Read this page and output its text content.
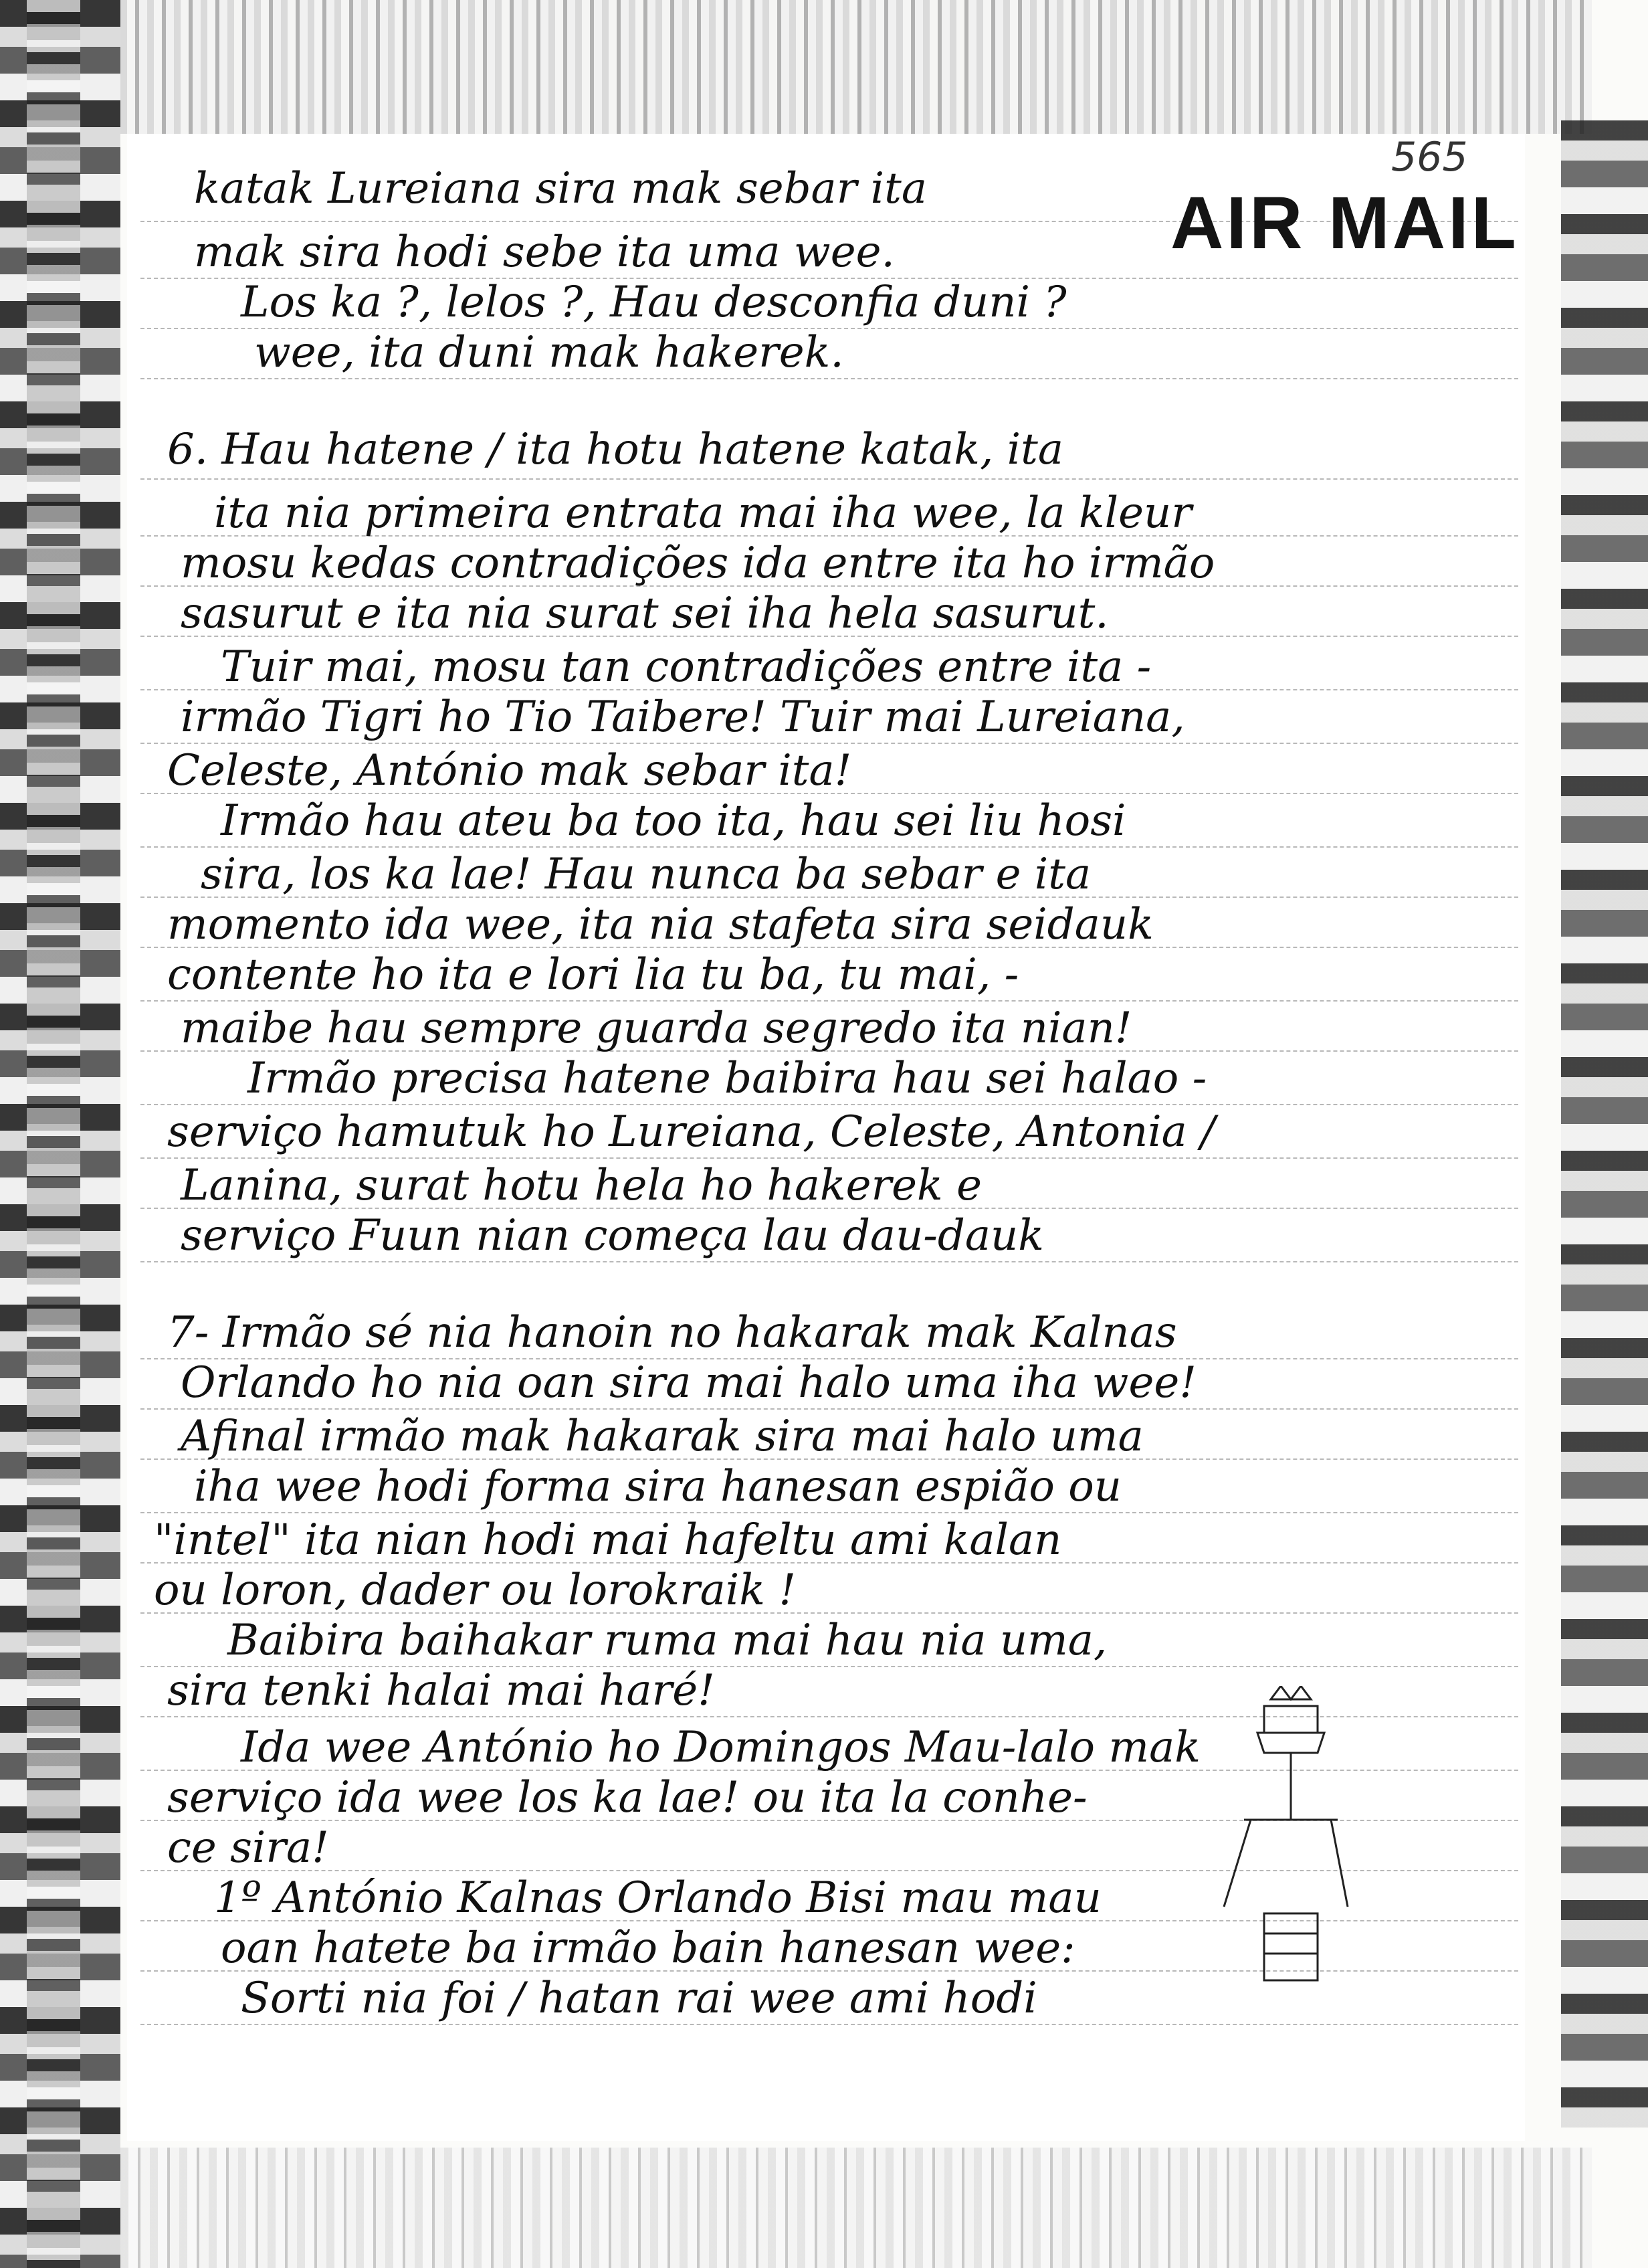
AIR MAIL
565
katak Lureiana sira mak sebar ita
mak sira hodi sebe ita uma wee.
Los ka ?, lelos ?, Hau desconfia duni ?
wee, ita duni mak hakerek.
6. Hau hatene / ita hotu hatene katak, ita
ita nia primeira entrata mai iha wee, la kleur
mosu kedas contradições ida entre ita ho irmão
sasurut e ita nia surat sei iha hela sasurut.
Tuir mai, mosu tan contradições entre ita -
irmão Tigri ho Tio Taibere! Tuir mai Lureiana,
Celeste, António mak sebar ita!
Irmão hau ateu ba too ita, hau sei liu hosi
sira, los ka lae! Hau nunca ba sebar e ita
momento ida wee, ita nia stafeta sira seidauk
contente ho ita e lori lia tu ba, tu mai, -
maibe hau sempre guarda segredo ita nian!
Irmão precisa hatene baibira hau sei halao -
serviço hamutuk ho Lureiana, Celeste, Antonia /
Lanina, surat hotu hela ho hakerek e
serviço Fuun nian começa lau dau-dauk
7- Irmão sé nia hanoin no hakarak mak Kalnas
Orlando ho nia oan sira mai halo uma iha wee!
Afinal irmão mak hakarak sira mai halo uma
iha wee hodi forma sira hanesan espião ou
"intel" ita nian hodi mai hafeltu ami kalan
ou loron, dader ou lorokraik !
Baibira baihakar ruma mai hau nia uma,
sira tenki halai mai haré!
Ida wee António ho Domingos Mau-lalo mak
serviço ida wee los ka lae! ou ita la conhe-
ce sira!
1º António Kalnas Orlando Bisi mau mau
oan hatete ba irmão bain hanesan wee:
Sorti nia foi / hatan rai wee ami hodi
